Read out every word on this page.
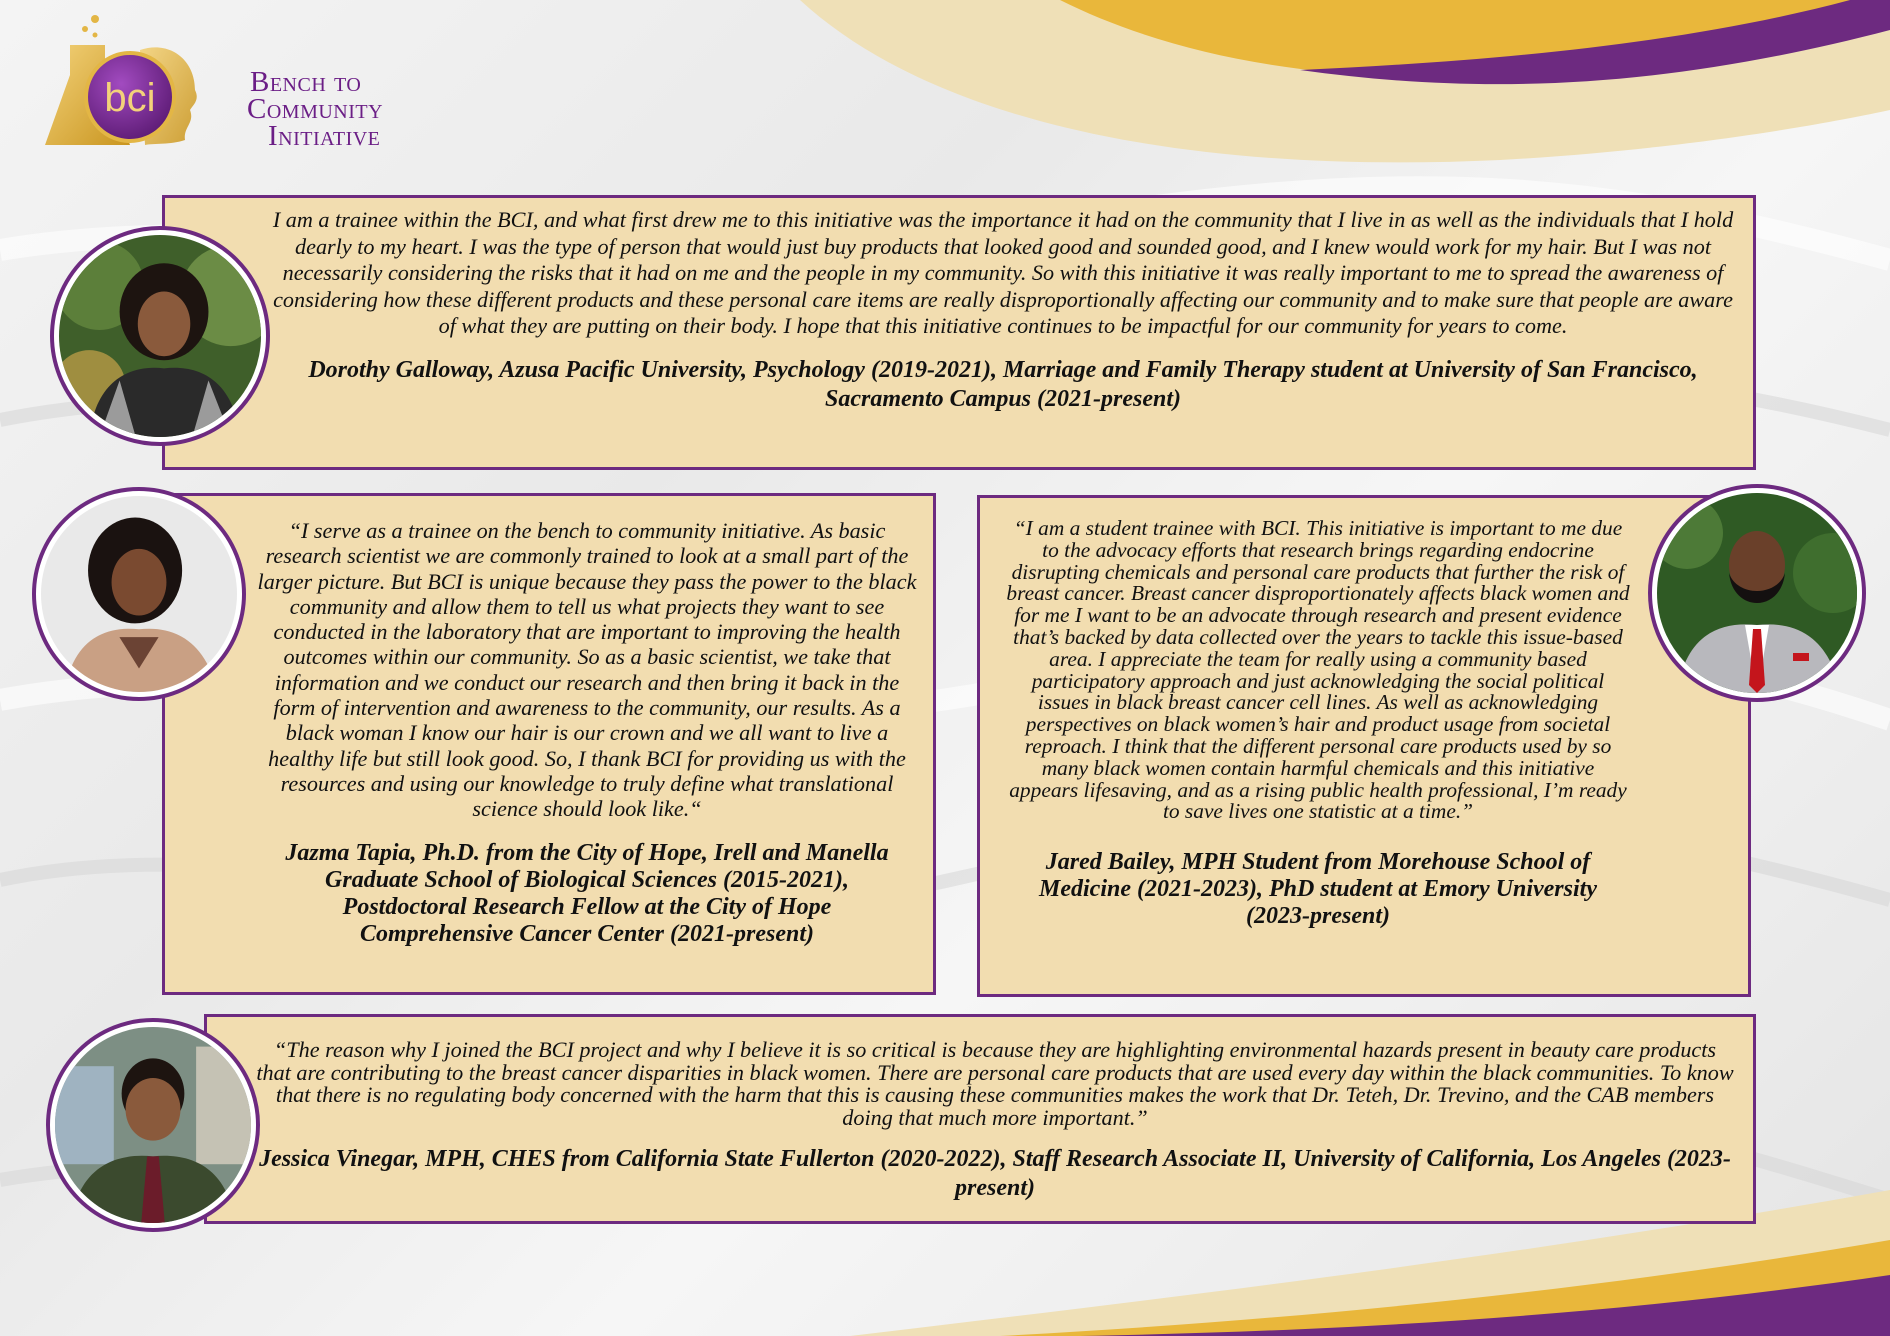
bci	Bench to
Community
Initiative
I am a trainee within the BCI, and what first drew me to this initiative was the importance it had on the community that I live in as well as the individuals that I hold dearly to my heart. I was the type of person that would just buy products that looked good and sounded good, and I knew would work for my hair. But I was not necessarily considering the risks that it had on me and the people in my community. So with this initiative it was really important to me to spread the awareness of considering how these different products and these personal care items are really disproportionally affecting our community and to make sure that people are aware of what they are putting on their body. I hope that this initiative continues to be impactful for our community for years to come.
Dorothy Galloway, Azusa Pacific University, Psychology (2019-2021), Marriage and Family Therapy student at University of San Francisco, Sacramento Campus (2021-present)
“I serve as a trainee on the bench to community initiative. As basic research scientist we are commonly trained to look at a small part of the larger picture. But BCI is unique because they pass the power to the black community and allow them to tell us what projects they want to see conducted in the laboratory that are important to improving the health outcomes within our community. So as a basic scientist, we take that information and we conduct our research and then bring it back in the form of intervention and awareness to the community, our results. As a black woman I know our hair is our crown and we all want to live a healthy life but still look good. So, I thank BCI for providing us with the resources and using our knowledge to truly define what translational science should look like.“
Jazma Tapia, Ph.D. from the City of Hope, Irell and Manella Graduate School of Biological Sciences (2015-2021), Postdoctoral Research Fellow at the City of Hope Comprehensive Cancer Center (2021-present)
“I am a student trainee with BCI. This initiative is important to me due to the advocacy efforts that research brings regarding endocrine disrupting chemicals and personal care products that further the risk of breast cancer. Breast cancer disproportionately affects black women and for me I want to be an advocate through research and present evidence that’s backed by data collected over the years to tackle this issue-based area. I appreciate the team for really using a community based participatory approach and just acknowledging the social political issues in black breast cancer cell lines. As well as acknowledging perspectives on black women’s hair and product usage from societal reproach. I think that the different personal care products used by so many black women contain harmful chemicals and this initiative appears lifesaving, and as a rising public health professional, I’m ready to save lives one statistic at a time.”
Jared Bailey, MPH Student from Morehouse School of Medicine (2021-2023), PhD student at Emory University (2023-present)
“The reason why I joined the BCI project and why I believe it is so critical is because they are highlighting environmental hazards present in beauty care products that are contributing to the breast cancer disparities in black women. There are personal care products that are used every day within the black communities. To know that there is no regulating body concerned with the harm that this is causing these communities makes the work that Dr. Teteh, Dr. Trevino, and the CAB members doing that much more important.”
Jessica Vinegar, MPH, CHES from California State Fullerton (2020-2022), Staff Research Associate II, University of California, Los Angeles (2023-present)
